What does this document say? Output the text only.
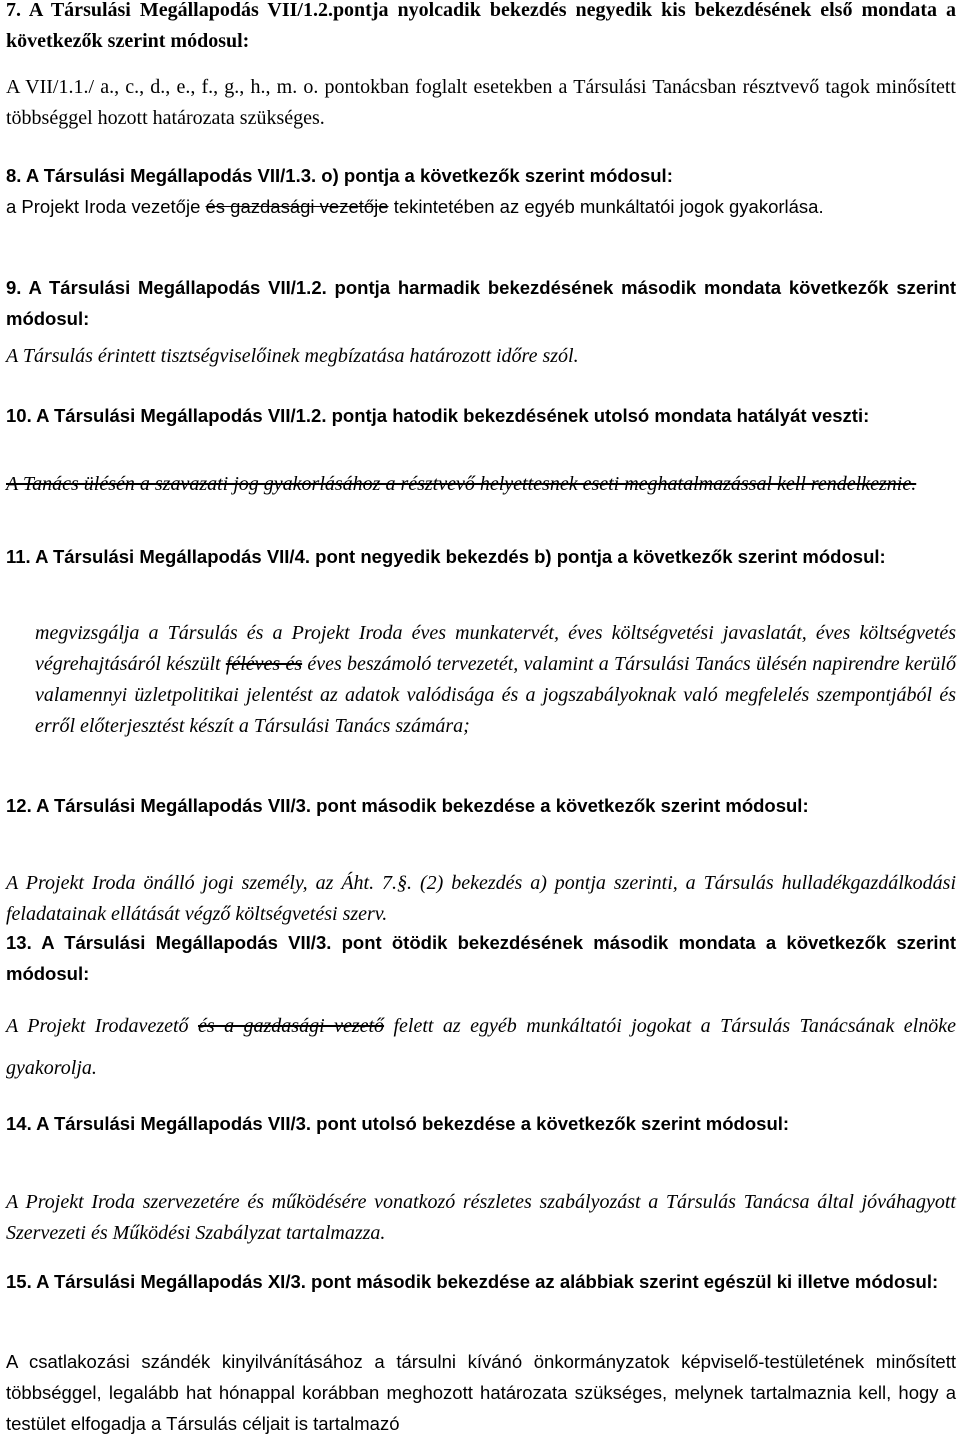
7. A Társulási Megállapodás VII/1.2.pontja nyolcadik bekezdés negyedik kis bekezdésének első mondata a következők szerint módosul:

A VII/1.1./ a., c., d., e., f., g., h., m. o. pontokban foglalt esetekben a Társulási Tanácsban résztvevő tagok minősített többséggel hozott határozata szükséges.

8. A Társulási Megállapodás VII/1.3. o) pontja a következők szerint módosul:

a Projekt Iroda vezetője és gazdasági vezetője tekintetében az egyéb munkáltatói jogok gyakorlása.

9. A Társulási Megállapodás VII/1.2. pontja harmadik bekezdésének második mondata következők szerint módosul:

A Társulás érintett tisztségviselőinek megbízatása határozott időre szól.

10. A Társulási Megállapodás VII/1.2. pontja hatodik bekezdésének utolsó mondata hatályát veszti:

A Tanács ülésén a szavazati jog gyakorlásához a résztvevő helyettesnek eseti meghatalmazással kell rendelkeznie.

11. A Társulási Megállapodás VII/4. pont negyedik bekezdés b) pontja a következők szerint módosul:

megvizsgálja a Társulás és a Projekt Iroda éves munkatervét, éves költségvetési javaslatát, éves költségvetés végrehajtásáról készült féléves és éves beszámoló tervezetét, valamint a Társulási Tanács ülésén napirendre kerülő valamennyi üzletpolitikai jelentést az adatok valódisága és a jogszabályoknak való megfelelés szempontjából és erről előterjesztést készít a Társulási Tanács számára;

12. A Társulási Megállapodás VII/3. pont második bekezdése a következők szerint módosul:

A Projekt Iroda önálló jogi személy, az Áht. 7.§. (2) bekezdés a) pontja szerinti, a Társulás hulladékgazdálkodási feladatainak ellátását végző költségvetési szerv.

13. A Társulási Megállapodás VII/3. pont ötödik bekezdésének második mondata a következők szerint módosul:

A Projekt Irodavezető és a gazdasági vezető felett az egyéb munkáltatói jogokat a Társulás Tanácsának elnöke gyakorolja.

14. A Társulási Megállapodás VII/3. pont utolsó bekezdése a következők szerint módosul:

A Projekt Iroda szervezetére és működésére vonatkozó részletes szabályozást a Társulás Tanácsa által jóváhagyott Szervezeti és Működési Szabályzat tartalmazza.

15. A Társulási Megállapodás XI/3. pont második bekezdése az alábbiak szerint egészül ki illetve módosul:

A csatlakozási szándék kinyilvánításához a társulni kívánó önkormányzatok képviselő-testületének minősített többséggel, legalább hat hónappal korábban meghozott határozata szükséges, melynek tartalmaznia kell, hogy a testület elfogadja a Társulás céljait is tartalmazó
